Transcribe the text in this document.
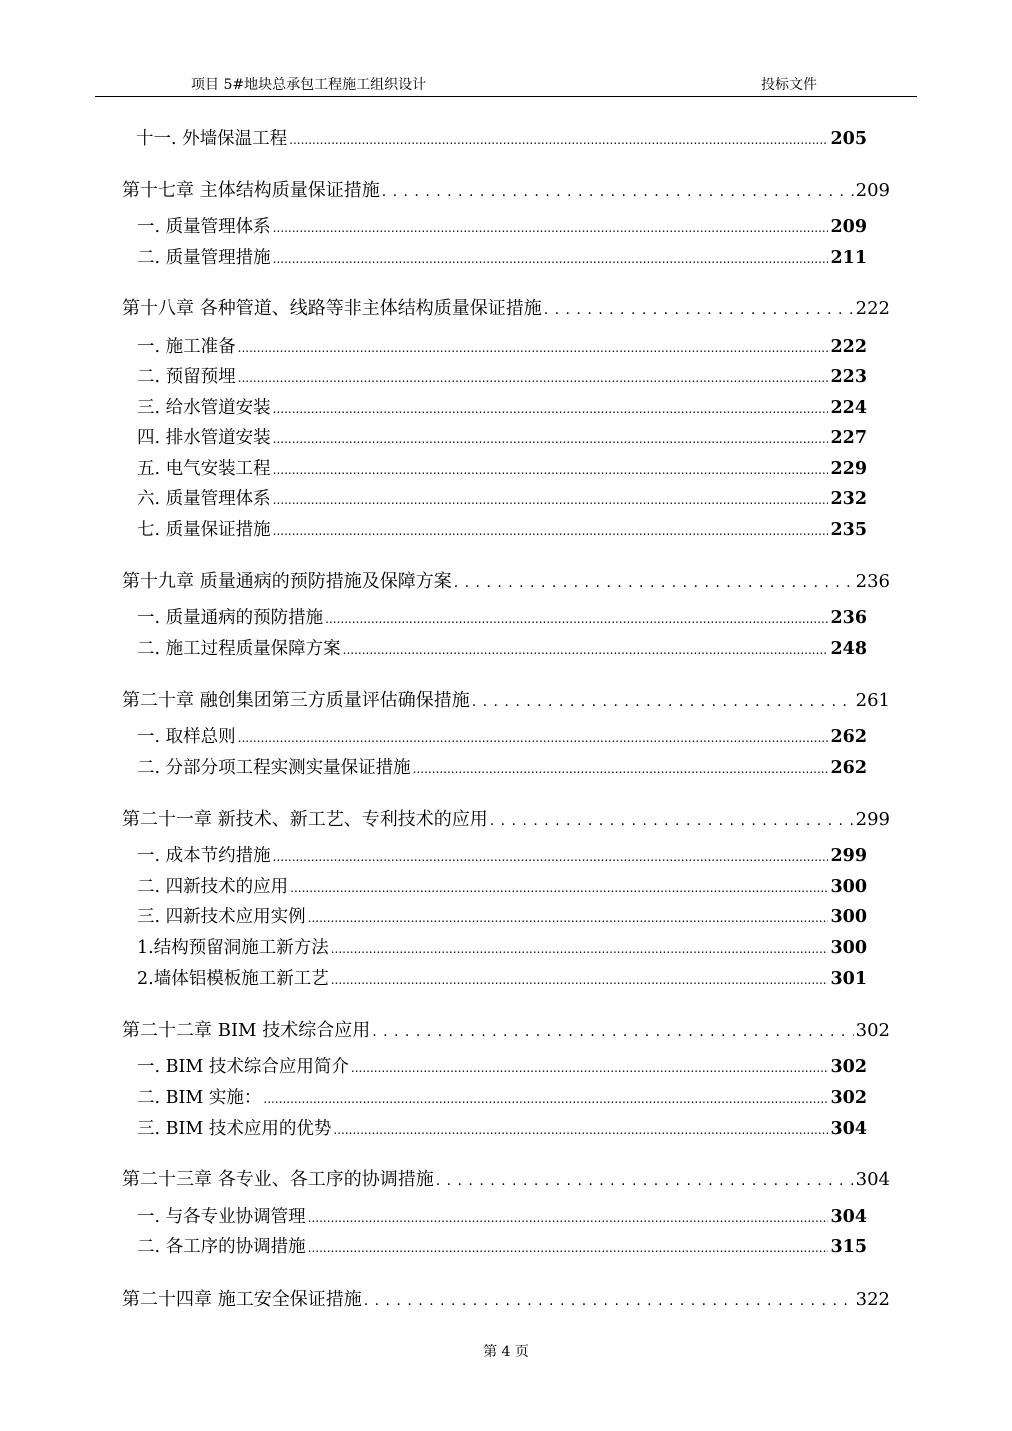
项目 5#地块总承包工程施工组织设计	投标文件
十一. 外墙保温工程 .....	205
第十七章 主体结构质量保证措施 . . .	209
一. 质量管理体系 .....	209
二. 质量管理措施 .....	211
第十八章 各种管道、线路等非主体结构质量保证措施 . . .	222
一. 施工准备 .....	222
二. 预留预埋 .....	223
三. 给水管道安装 .....	224
四. 排水管道安装 .....	227
五. 电气安装工程 .....	229
六. 质量管理体系 .....	232
七. 质量保证措施 .....	235
第十九章 质量通病的预防措施及保障方案 . . .	236
一. 质量通病的预防措施 .....	236
二. 施工过程质量保障方案 .....	248
第二十章 融创集团第三方质量评估确保措施 . . .	261
一. 取样总则 .....	262
二. 分部分项工程实测实量保证措施 .....	262
第二十一章 新技术、新工艺、专利技术的应用 . . .	299
一. 成本节约措施 .....	299
二. 四新技术的应用 .....	300
三. 四新技术应用实例 .....	300
1.结构预留洞施工新方法 .....	300
2.墙体铝模板施工新工艺 .....	301
第二十二章 BIM 技术综合应用 . . .	302
一. BIM 技术综合应用简介 .....	302
二. BIM 实施： .....	302
三. BIM 技术应用的优势 .....	304
第二十三章 各专业、各工序的协调措施 . . .	304
一. 与各专业协调管理 .....	304
二. 各工序的协调措施 .....	315
第二十四章 施工安全保证措施 . . .	322
第 4 页
